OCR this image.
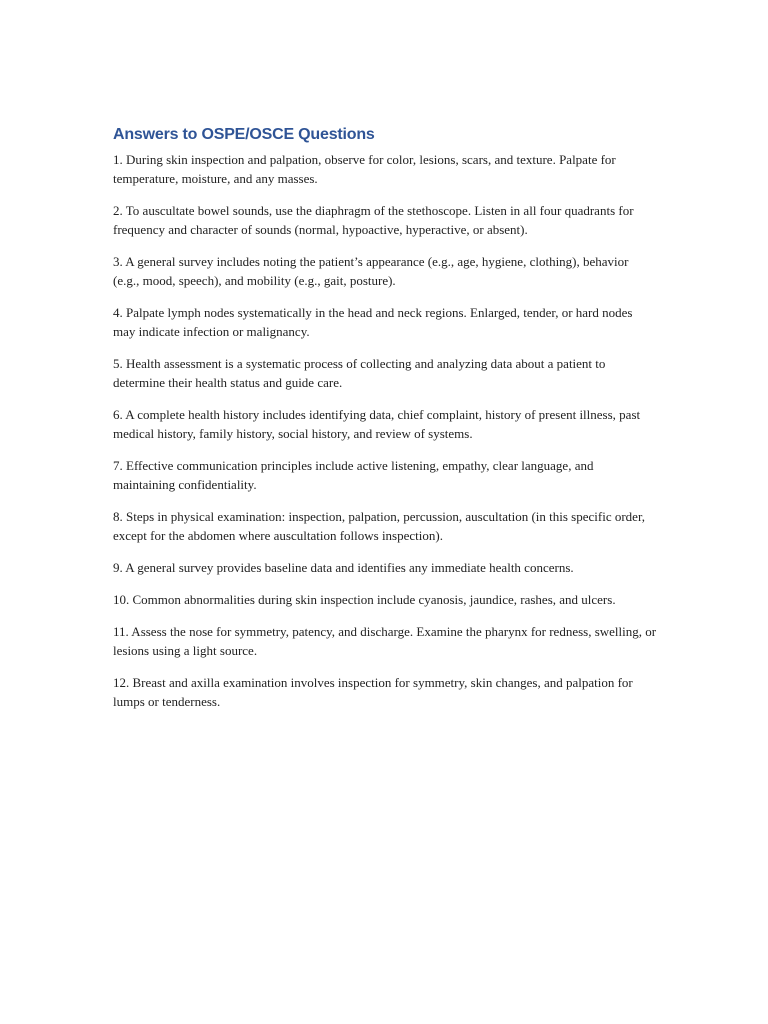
Answers to OSPE/OSCE Questions
1. During skin inspection and palpation, observe for color, lesions, scars, and texture. Palpate for temperature, moisture, and any masses.
2. To auscultate bowel sounds, use the diaphragm of the stethoscope. Listen in all four quadrants for frequency and character of sounds (normal, hypoactive, hyperactive, or absent).
3. A general survey includes noting the patient’s appearance (e.g., age, hygiene, clothing), behavior (e.g., mood, speech), and mobility (e.g., gait, posture).
4. Palpate lymph nodes systematically in the head and neck regions. Enlarged, tender, or hard nodes may indicate infection or malignancy.
5. Health assessment is a systematic process of collecting and analyzing data about a patient to determine their health status and guide care.
6. A complete health history includes identifying data, chief complaint, history of present illness, past medical history, family history, social history, and review of systems.
7. Effective communication principles include active listening, empathy, clear language, and maintaining confidentiality.
8. Steps in physical examination: inspection, palpation, percussion, auscultation (in this specific order, except for the abdomen where auscultation follows inspection).
9. A general survey provides baseline data and identifies any immediate health concerns.
10. Common abnormalities during skin inspection include cyanosis, jaundice, rashes, and ulcers.
11. Assess the nose for symmetry, patency, and discharge. Examine the pharynx for redness, swelling, or lesions using a light source.
12. Breast and axilla examination involves inspection for symmetry, skin changes, and palpation for lumps or tenderness.
